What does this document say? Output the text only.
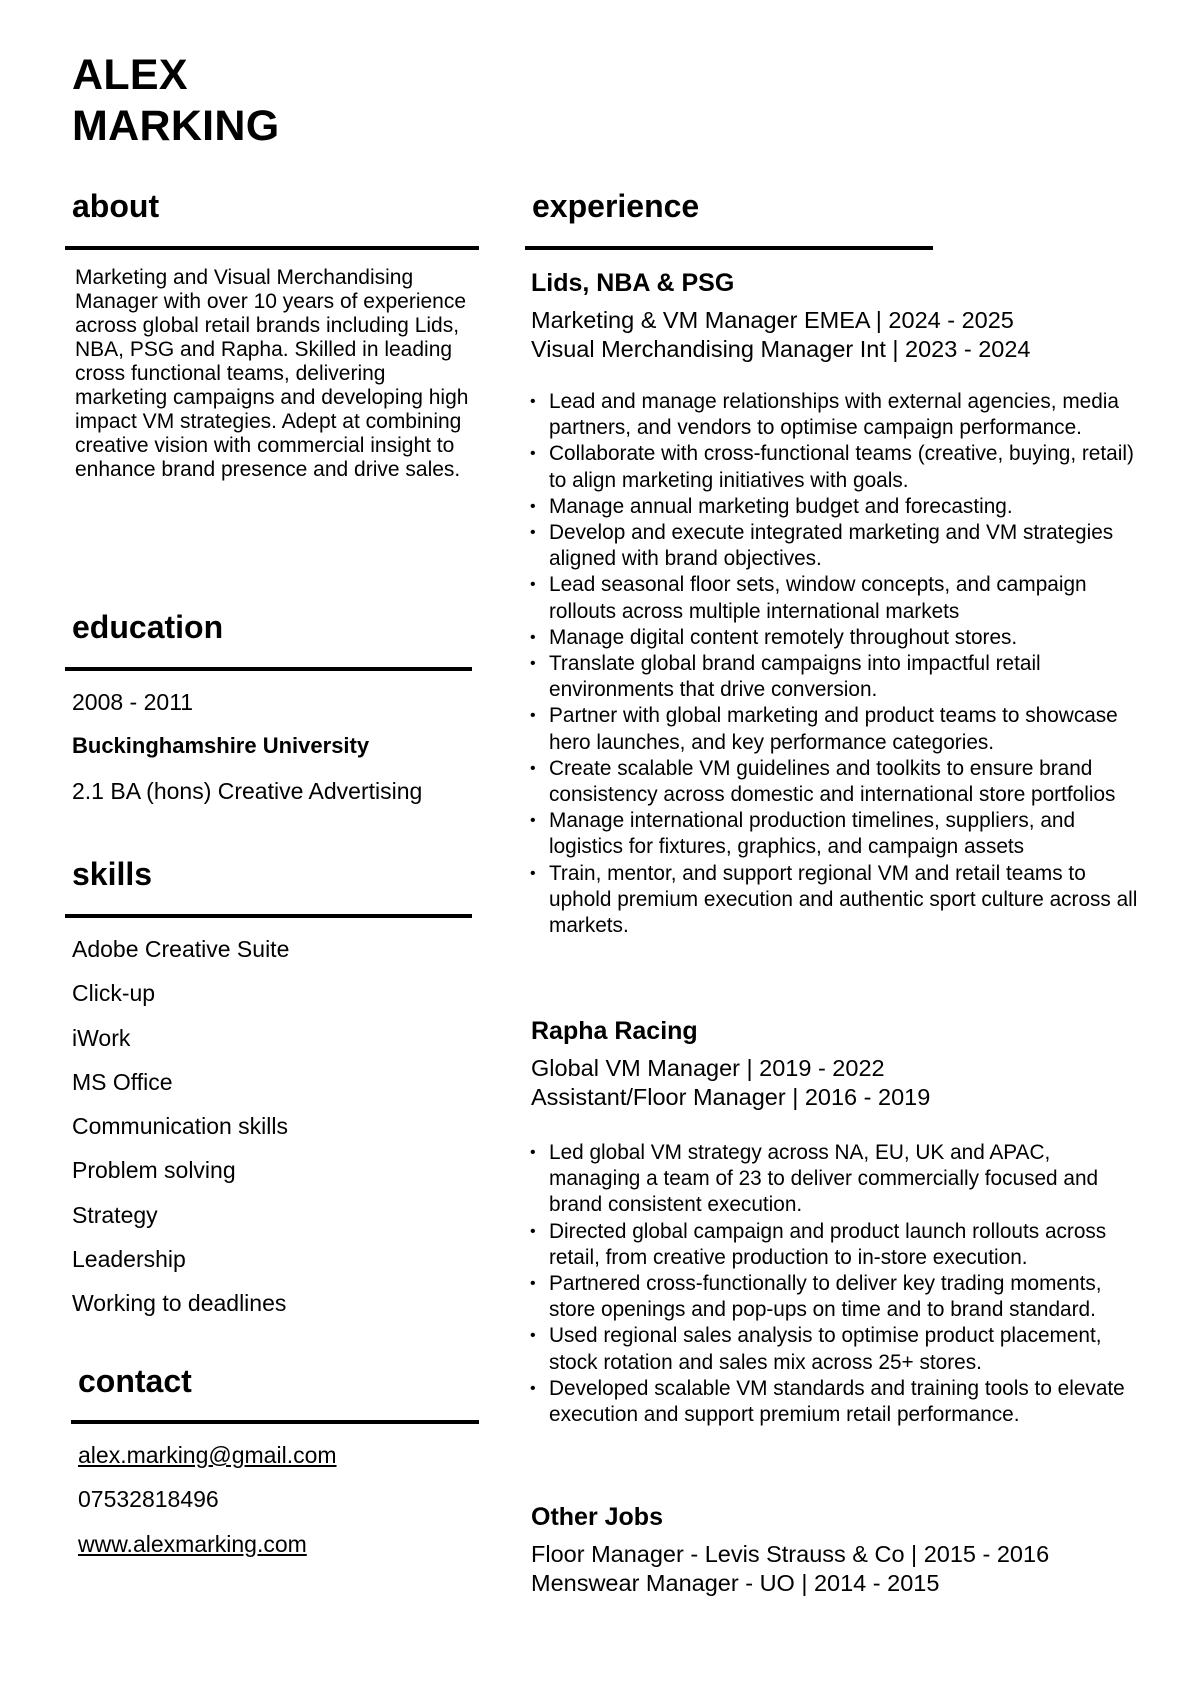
ALEX
MARKING
about
Marketing and Visual Merchandising Manager with over 10 years of experience across global retail brands including Lids, NBA, PSG and Rapha. Skilled in leading cross functional teams, delivering marketing campaigns and developing high impact VM strategies. Adept at combining creative vision with commercial insight to enhance brand presence and drive sales.
education
2008 - 2011
Buckinghamshire University
2.1 BA (hons) Creative Advertising
skills
Adobe Creative Suite
Click-up
iWork
MS Office
Communication skills
Problem solving
Strategy
Leadership
Working to deadlines
contact
alex.marking@gmail.com
07532818496
www.alexmarking.com
experience
Lids, NBA & PSG
Marketing & VM Manager EMEA | 2024 - 2025
Visual Merchandising Manager Int | 2023 - 2024
• Lead and manage relationships with external agencies, media partners, and vendors to optimise campaign performance.
• Collaborate with cross-functional teams (creative, buying, retail) to align marketing initiatives with goals.
• Manage annual marketing budget and forecasting.
• Develop and execute integrated marketing and VM strategies aligned with brand objectives.
• Lead seasonal floor sets, window concepts, and campaign rollouts across multiple international markets
• Manage digital content remotely throughout stores.
• Translate global brand campaigns into impactful retail environments that drive conversion.
• Partner with global marketing and product teams to showcase hero launches, and key performance categories.
• Create scalable VM guidelines and toolkits to ensure brand consistency across domestic and international store portfolios
• Manage international production timelines, suppliers, and logistics for fixtures, graphics, and campaign assets
• Train, mentor, and support regional VM and retail teams to uphold premium execution and authentic sport culture across all markets.
Rapha Racing
Global VM Manager | 2019 - 2022
Assistant/Floor Manager | 2016 - 2019
• Led global VM strategy across NA, EU, UK and APAC, managing a team of 23 to deliver commercially focused and brand consistent execution.
• Directed global campaign and product launch rollouts across retail, from creative production to in-store execution.
• Partnered cross-functionally to deliver key trading moments, store openings and pop-ups on time and to brand standard.
• Used regional sales analysis to optimise product placement, stock rotation and sales mix across 25+ stores.
• Developed scalable VM standards and training tools to elevate execution and support premium retail performance.
Other Jobs
Floor Manager - Levis Strauss & Co | 2015 - 2016
Menswear Manager - UO | 2014 - 2015
